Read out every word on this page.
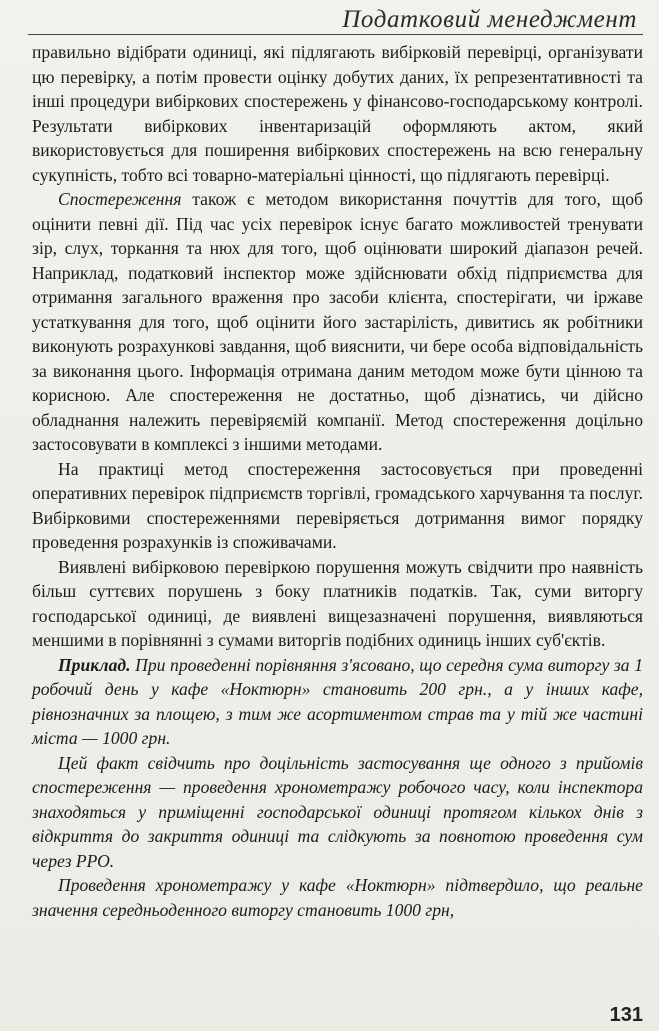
Податковий менеджмент

правильно відібрати одиниці, які підлягають вибірковій перевірці, організувати цю перевірку, а потім провести оцінку добутих даних, їх репрезентативності та інші процедури вибіркових спостережень у фінансово-господарському контролі. Результати вибіркових інвентаризацій оформляють актом, який використовується для поширення вибіркових спостережень на всю генеральну сукупність, тобто всі товарно-матеріальні цінності, що підлягають перевірці.

Спостереження також є методом використання почуттів для того, щоб оцінити певні дії. Під час усіх перевірок існує багато можливостей тренувати зір, слух, торкання та нюх для того, щоб оцінювати широкий діапазон речей. Наприклад, податковий інспектор може здійснювати обхід підприємства для отримання загального враження про засоби клієнта, спостерігати, чи іржаве устаткування для того, щоб оцінити його застарілість, дивитись як робітники виконують розрахункові завдання, щоб вияснити, чи бере особа відповідальність за виконання цього. Інформація отримана даним методом може бути цінною та корисною. Але спостереження не достатньо, щоб дізнатись, чи дійсно обладнання належить перевіряємій компанії. Метод спостереження доцільно застосовувати в комплексі з іншими методами.

На практиці метод спостереження застосовується при проведенні оперативних перевірок підприємств торгівлі, громадського харчування та послуг. Вибірковими спостереженнями перевіряється дотримання вимог порядку проведення розрахунків із споживачами.

Виявлені вибірковою перевіркою порушення можуть свідчити про наявність більш суттєвих порушень з боку платників податків. Так, суми виторгу господарської одиниці, де виявлені вищезазначені порушення, виявляються меншими в порівнянні з сумами виторгів подібних одиниць інших суб'єктів.

Приклад. При проведенні порівняння з'ясовано, що середня сума виторгу за 1 робочий день у кафе «Ноктюрн» становить 200 грн., а у інших кафе, рівнозначних за площею, з тим же асортиментом страв та у тій же частині міста — 1000 грн.

Цей факт свідчить про доцільність застосування ще одного з прийомів спостереження — проведення хронометражу робочого часу, коли інспектора знаходяться у приміщенні господарської одиниці протягом кількох днів з відкриття до закриття одиниці та слідкують за повнотою проведення сум через РРО.

Проведення хронометражу у кафе «Ноктюрн» підтвердило, що реальне значення середньоденного виторгу становить 1000 грн,

131
